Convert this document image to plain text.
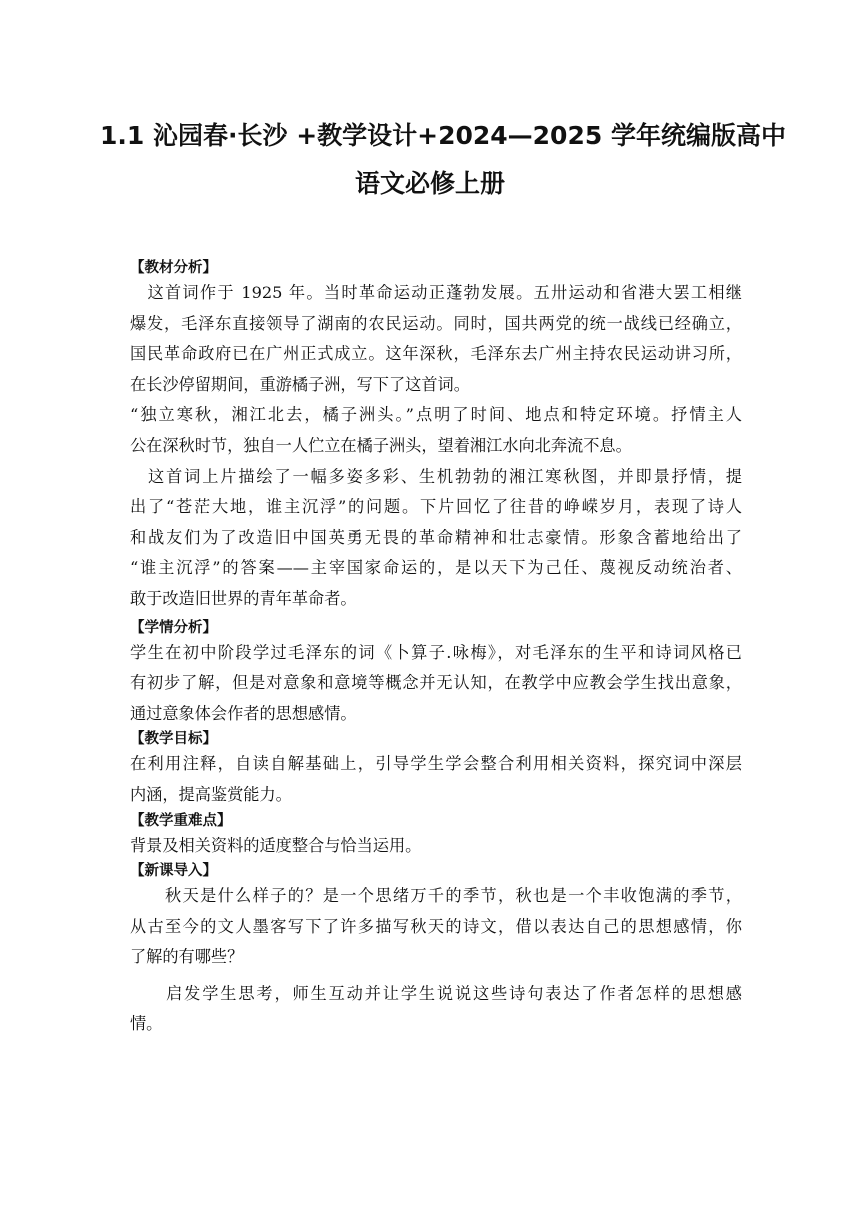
1.1 沁园春·长沙 +教学设计+2024—2025 学年统编版高中
语文必修上册
【教材分析】
　这首词作于 1925 年。当时革命运动正蓬勃发展。五卅运动和省港大罢工相继
爆发，毛泽东直接领导了湖南的农民运动。同时，国共两党的统一战线已经确立，
国民革命政府已在广州正式成立。这年深秋，毛泽东去广州主持农民运动讲习所，
在长沙停留期间，重游橘子洲，写下了这首词。
“独立寒秋，湘江北去，橘子洲头。”点明了时间、地点和特定环境。抒情主人
公在深秋时节，独自一人伫立在橘子洲头，望着湘江水向北奔流不息。
　这首词上片描绘了一幅多姿多彩、生机勃勃的湘江寒秋图，并即景抒情，提
出了“苍茫大地，谁主沉浮”的问题。下片回忆了往昔的峥嵘岁月，表现了诗人
和战友们为了改造旧中国英勇无畏的革命精神和壮志豪情。形象含蓄地给出了
“谁主沉浮”的答案——主宰国家命运的，是以天下为己任、蔑视反动统治者、
敢于改造旧世界的青年革命者。
【学情分析】
学生在初中阶段学过毛泽东的词《卜算子.咏梅》，对毛泽东的生平和诗词风格已
有初步了解，但是对意象和意境等概念并无认知，在教学中应教会学生找出意象，
通过意象体会作者的思想感情。
【教学目标】
在利用注释，自读自解基础上，引导学生学会整合利用相关资料，探究词中深层
内涵，提高鉴赏能力。
【教学重难点】
背景及相关资料的适度整合与恰当运用。
【新课导入】
　　秋天是什么样子的？是一个思绪万千的季节，秋也是一个丰收饱满的季节，
从古至今的文人墨客写下了许多描写秋天的诗文，借以表达自己的思想感情，你
了解的有哪些？
　　启发学生思考，师生互动并让学生说说这些诗句表达了作者怎样的思想感
情。
